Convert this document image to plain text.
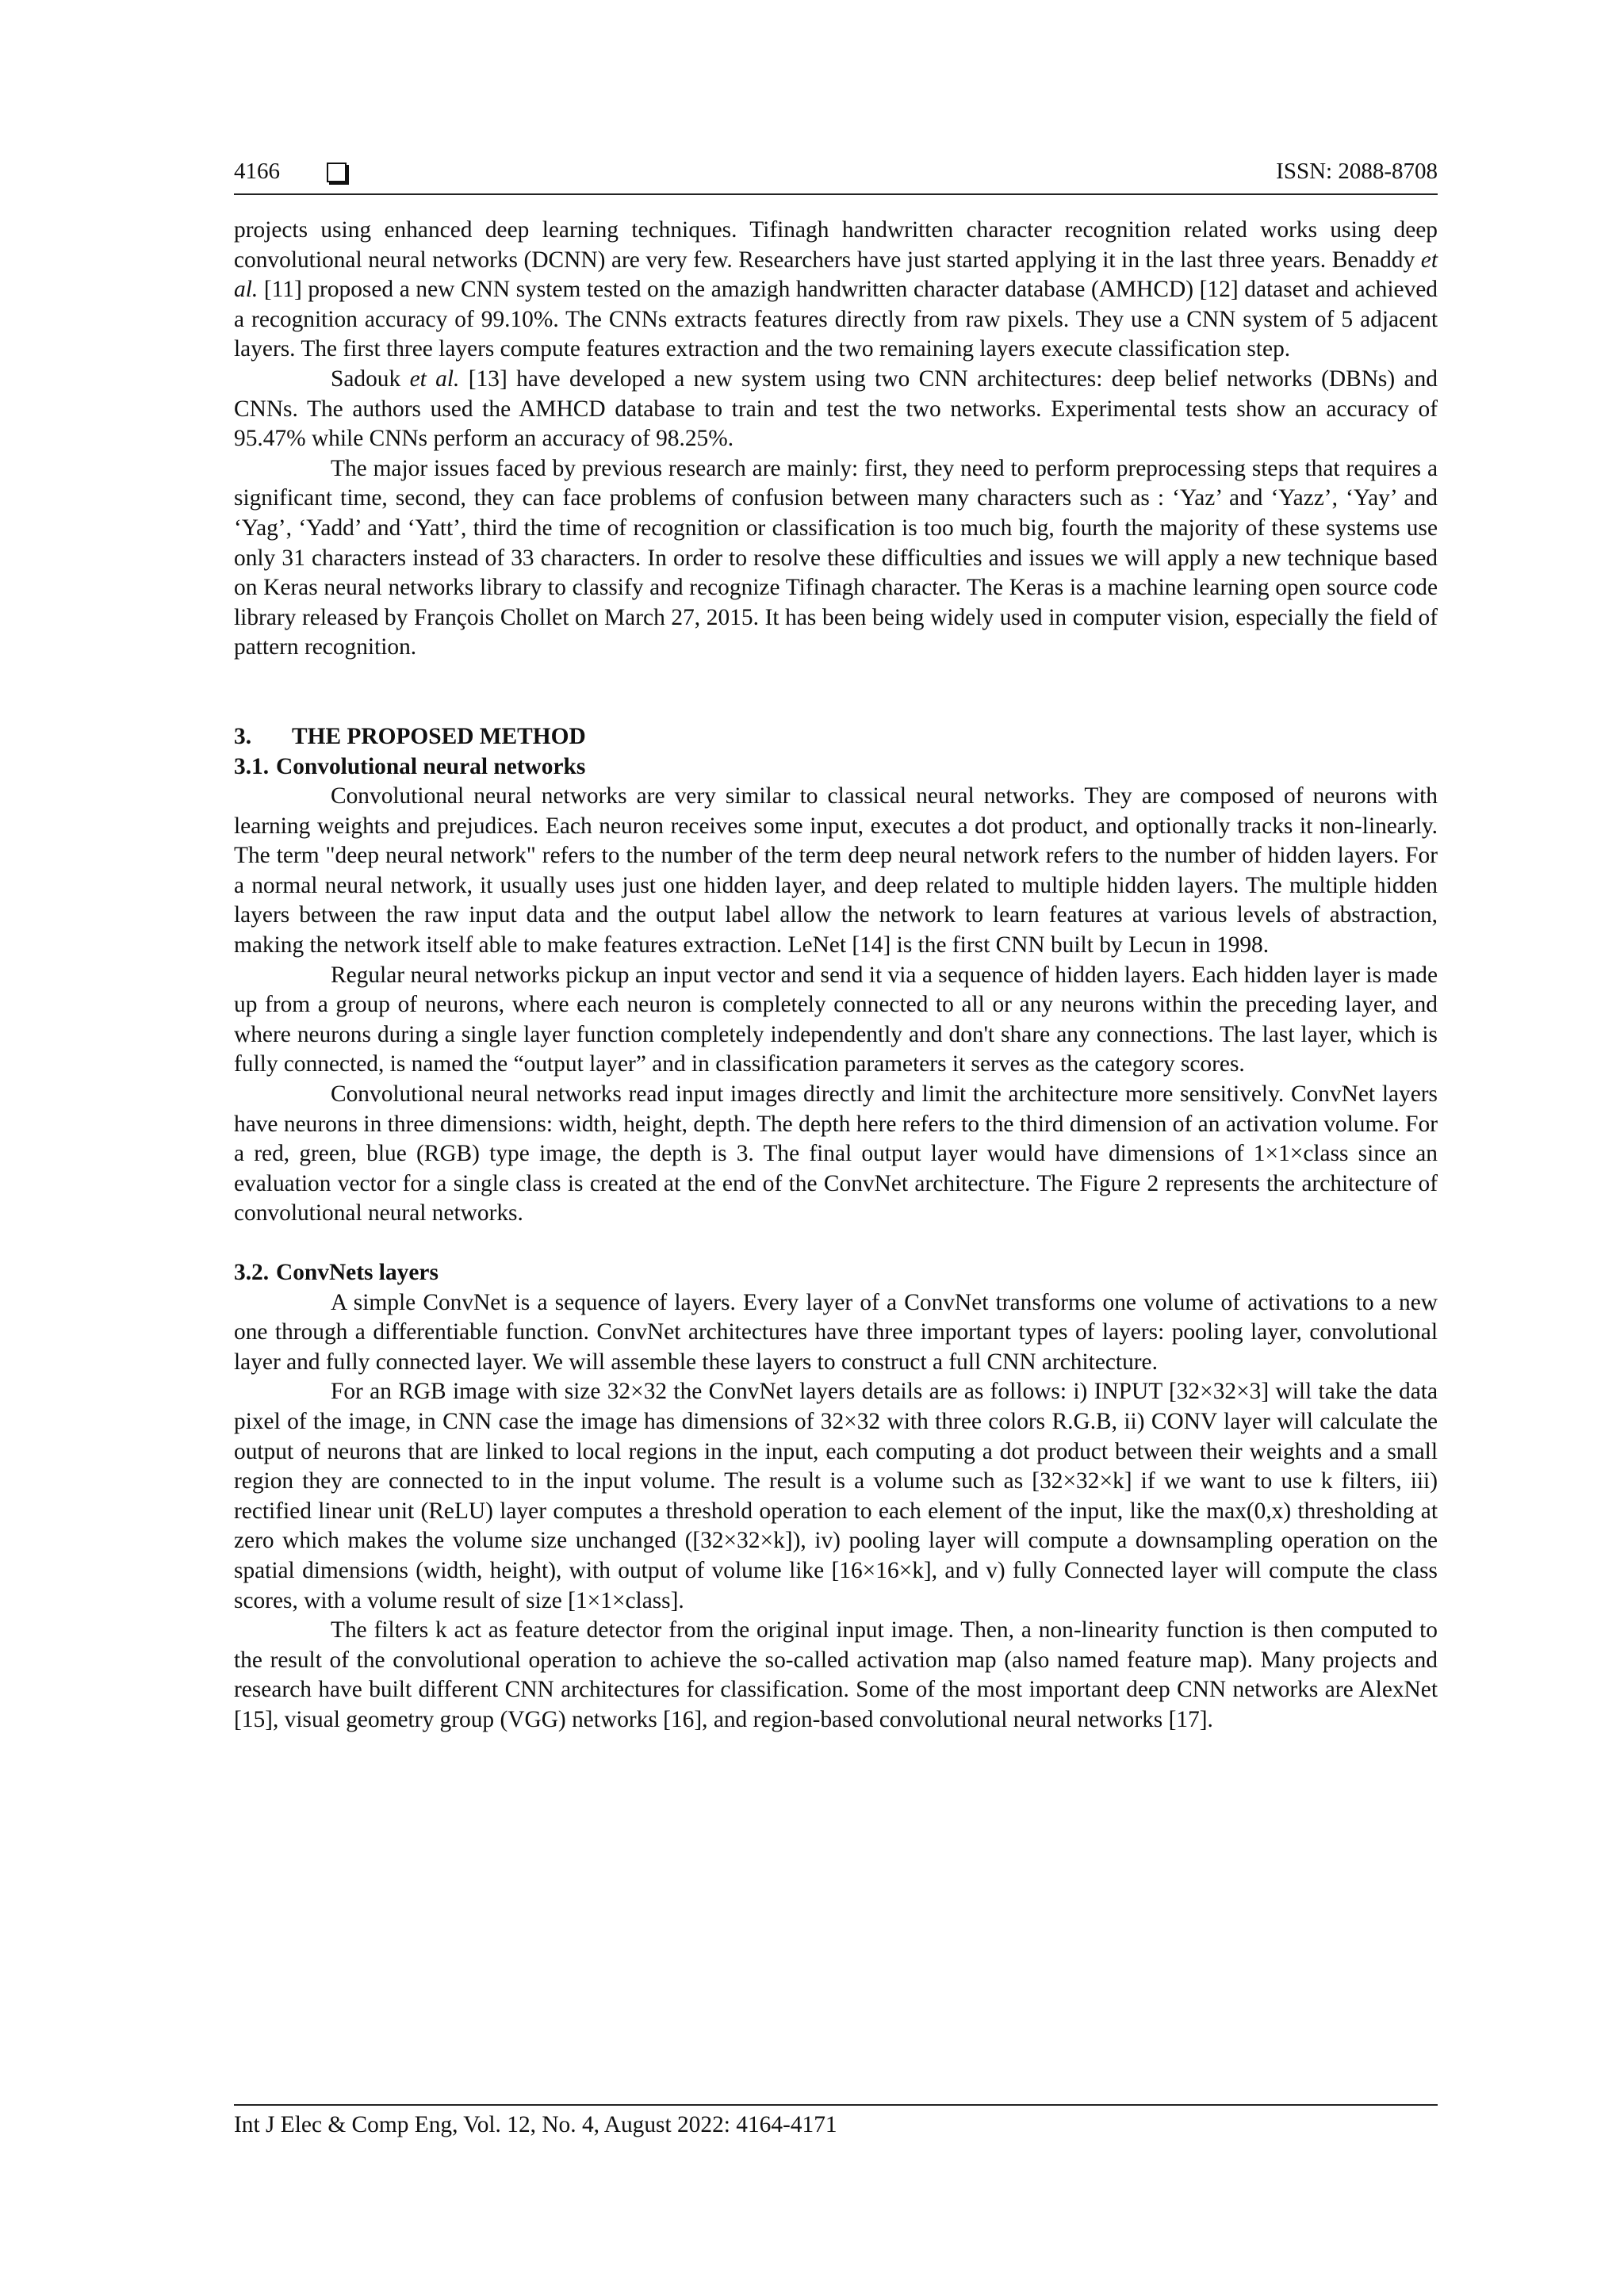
4166	ISSN: 2088-8708

projects using enhanced deep learning techniques. Tifinagh handwritten character recognition related works using deep convolutional neural networks (DCNN) are very few. Researchers have just started applying it in the last three years. Benaddy et al. [11] proposed a new CNN system tested on the amazigh handwritten character database (AMHCD) [12] dataset and achieved a recognition accuracy of 99.10%. The CNNs extracts features directly from raw pixels. They use a CNN system of 5 adjacent layers. The first three layers compute features extraction and the two remaining layers execute classification step.

Sadouk et al. [13] have developed a new system using two CNN architectures: deep belief networks (DBNs) and CNNs. The authors used the AMHCD database to train and test the two networks. Experimental tests show an accuracy of 95.47% while CNNs perform an accuracy of 98.25%.

The major issues faced by previous research are mainly: first, they need to perform preprocessing steps that requires a significant time, second, they can face problems of confusion between many characters such as : ‘Yaz’ and ‘Yazz’, ‘Yay’ and ‘Yag’, ‘Yadd’ and ‘Yatt’, third the time of recognition or classification is too much big, fourth the majority of these systems use only 31 characters instead of 33 characters. In order to resolve these difficulties and issues we will apply a new technique based on Keras neural networks library to classify and recognize Tifinagh character. The Keras is a machine learning open source code library released by François Chollet on March 27, 2015. It has been being widely used in computer vision, especially the field of pattern recognition.

3. THE PROPOSED METHOD

3.1. Convolutional neural networks

Convolutional neural networks are very similar to classical neural networks. They are composed of neurons with learning weights and prejudices. Each neuron receives some input, executes a dot product, and optionally tracks it non-linearly. The term "deep neural network" refers to the number of the term deep neural network refers to the number of hidden layers. For a normal neural network, it usually uses just one hidden layer, and deep related to multiple hidden layers. The multiple hidden layers between the raw input data and the output label allow the network to learn features at various levels of abstraction, making the network itself able to make features extraction. LeNet [14] is the first CNN built by Lecun in 1998.

Regular neural networks pickup an input vector and send it via a sequence of hidden layers. Each hidden layer is made up from a group of neurons, where each neuron is completely connected to all or any neurons within the preceding layer, and where neurons during a single layer function completely independently and don't share any connections. The last layer, which is fully connected, is named the “output layer” and in classification parameters it serves as the category scores.

Convolutional neural networks read input images directly and limit the architecture more sensitively. ConvNet layers have neurons in three dimensions: width, height, depth. The depth here refers to the third dimension of an activation volume. For a red, green, blue (RGB) type image, the depth is 3. The final output layer would have dimensions of 1×1×class since an evaluation vector for a single class is created at the end of the ConvNet architecture. The Figure 2 represents the architecture of convolutional neural networks.

3.2. ConvNets layers

A simple ConvNet is a sequence of layers. Every layer of a ConvNet transforms one volume of activations to a new one through a differentiable function. ConvNet architectures have three important types of layers: pooling layer, convolutional layer and fully connected layer. We will assemble these layers to construct a full CNN architecture.

For an RGB image with size 32×32 the ConvNet layers details are as follows: i) INPUT [32×32×3] will take the data pixel of the image, in CNN case the image has dimensions of 32×32 with three colors R.G.B, ii) CONV layer will calculate the output of neurons that are linked to local regions in the input, each computing a dot product between their weights and a small region they are connected to in the input volume. The result is a volume such as [32×32×k] if we want to use k filters, iii) rectified linear unit (ReLU) layer computes a threshold operation to each element of the input, like the max(0,x) thresholding at zero which makes the volume size unchanged ([32×32×k]), iv) pooling layer will compute a downsampling operation on the spatial dimensions (width, height), with output of volume like [16×16×k], and v) fully Connected layer will compute the class scores, with a volume result of size [1×1×class].

The filters k act as feature detector from the original input image. Then, a non-linearity function is then computed to the result of the convolutional operation to achieve the so-called activation map (also named feature map). Many projects and research have built different CNN architectures for classification. Some of the most important deep CNN networks are AlexNet [15], visual geometry group (VGG) networks [16], and region-based convolutional neural networks [17].

Int J Elec & Comp Eng, Vol. 12, No. 4, August 2022: 4164-4171
